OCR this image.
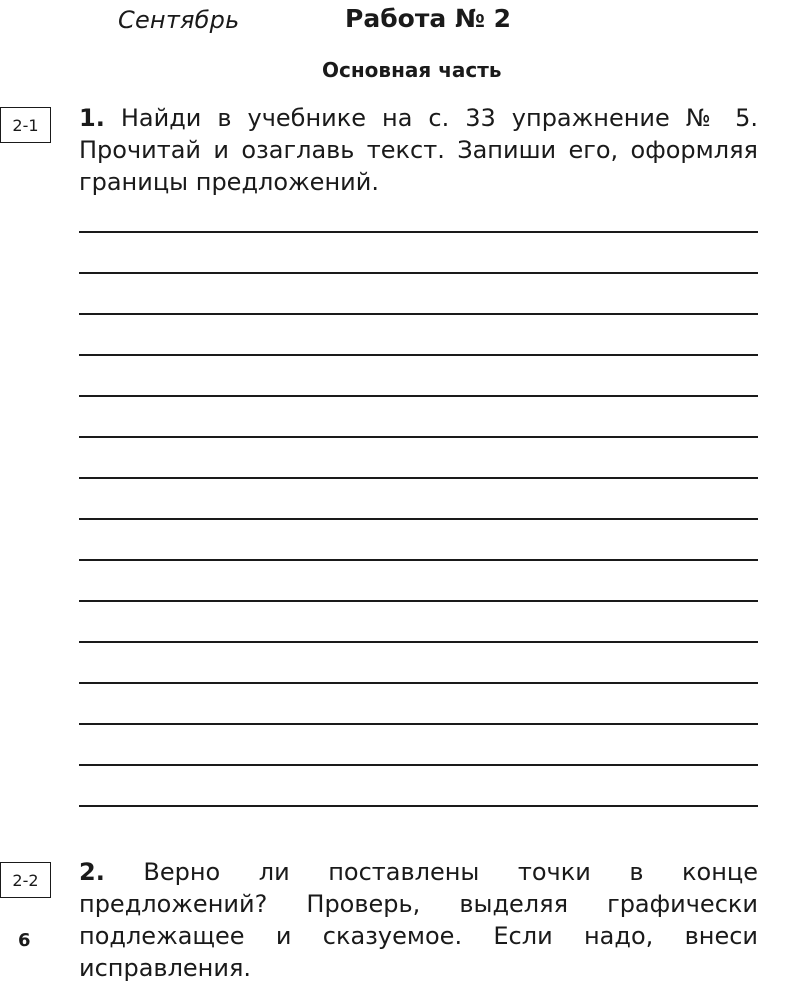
Сентябрь	Работа № 2
Основная часть
2-1	1. Найди в учебнике на с. 33 упражнение № 5. Прочитай и озаглавь текст. Запиши его, оформляя границы предложений.
2-2	2. Верно ли поставлены точки в конце предложений? Проверь, выделяя графически подлежащее и сказуемое. Если надо, внеси исправления.
6
